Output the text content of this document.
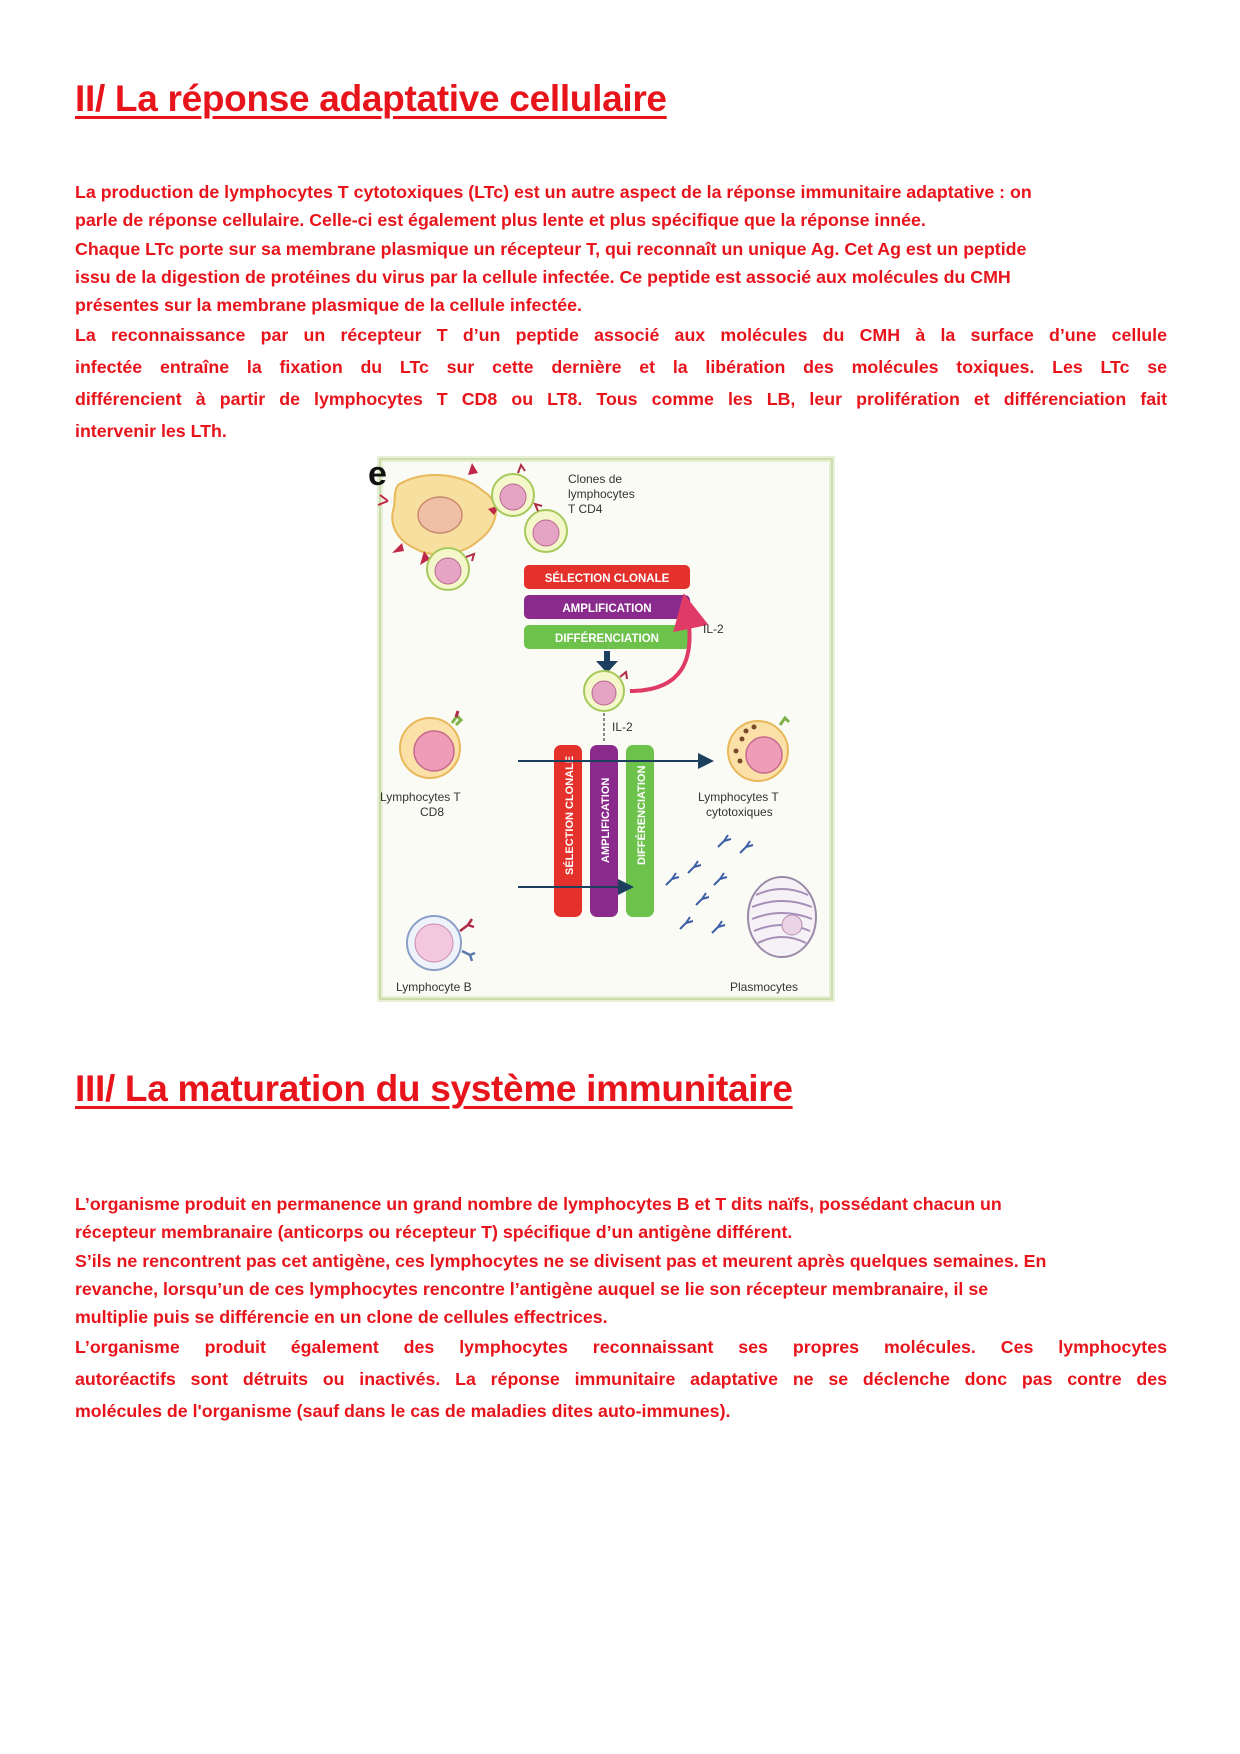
II/ La réponse adaptative cellulaire

La production de lymphocytes T cytotoxiques (LTc) est un autre aspect de la réponse immunitaire adaptative : on

parle de réponse cellulaire. Celle-ci est également plus lente et plus spécifique que la réponse innée.

Chaque LTc porte sur sa membrane plasmique un récepteur T, qui reconnaît un unique Ag. Cet Ag est un peptide

issu de la digestion de protéines du virus par la cellule infectée. Ce peptide est associé aux molécules du CMH

présentes sur la membrane plasmique de la cellule infectée.

La reconnaissance par un récepteur T d’un peptide associé aux molécules du CMH à la surface d’une cellule

infectée entraîne la fixation du LTc sur cette dernière et la libération des molécules toxiques. Les LTc se

différencient à partir de lymphocytes T CD8 ou LT8. Tous comme les LB, leur prolifération et différenciation fait

intervenir les LTh.

e	Clones de
lymphocytes
T CD4
SÉLECTION CLONALE
AMPLIFICATION
DIFFÉRENCIATION
IL-2
IL-2
SÉLECTION CLONALE AMPLIFICATION DIFFÉRENCIATION
Lymphocytes T
CD8
Lymphocytes T
cytotoxiques
Lymphocyte B	Plasmocytes
III/ La maturation du système immunitaire

L’organisme produit en permanence un grand nombre de lymphocytes B et T dits naïfs, possédant chacun un

récepteur membranaire (anticorps ou récepteur T) spécifique d’un antigène différent.

S’ils ne rencontrent pas cet antigène, ces lymphocytes ne se divisent pas et meurent après quelques semaines. En

revanche, lorsqu’un de ces lymphocytes rencontre l’antigène auquel se lie son récepteur membranaire, il se

multiplie puis se différencie en un clone de cellules effectrices.

L’organisme produit également des lymphocytes reconnaissant ses propres molécules. Ces lymphocytes

autoréactifs sont détruits ou inactivés. La réponse immunitaire adaptative ne se déclenche donc pas contre des

molécules de l'organisme (sauf dans le cas de maladies dites auto-immunes).
